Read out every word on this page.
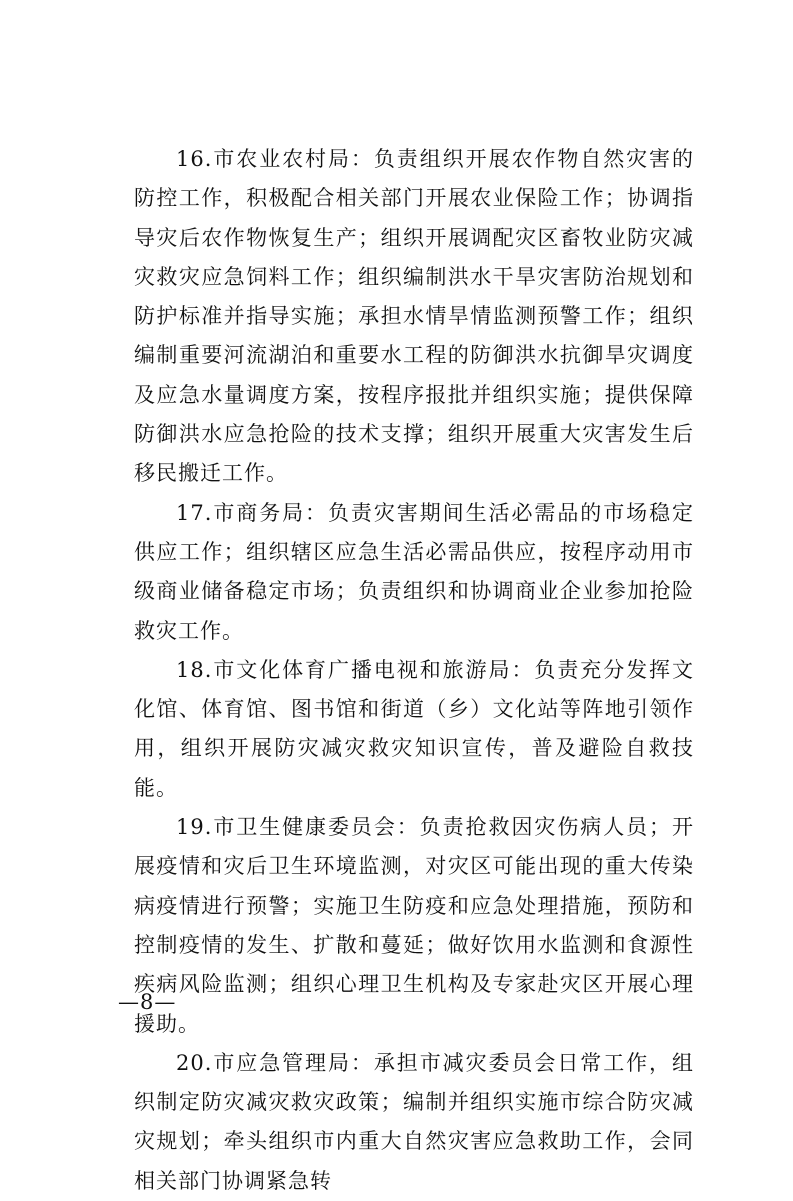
16.市农业农村局：负责组织开展农作物自然灾害的防控工作，积极配合相关部门开展农业保险工作；协调指导灾后农作物恢复生产；组织开展调配灾区畜牧业防灾减灾救灾应急饲料工作；组织编制洪水干旱灾害防治规划和防护标准并指导实施；承担水情旱情监测预警工作；组织编制重要河流湖泊和重要水工程的防御洪水抗御旱灾调度及应急水量调度方案，按程序报批并组织实施；提供保障防御洪水应急抢险的技术支撑；组织开展重大灾害发生后移民搬迁工作。

17.市商务局：负责灾害期间生活必需品的市场稳定供应工作；组织辖区应急生活必需品供应，按程序动用市级商业储备稳定市场；负责组织和协调商业企业参加抢险救灾工作。

18.市文化体育广播电视和旅游局：负责充分发挥文化馆、体育馆、图书馆和街道（乡）文化站等阵地引领作用，组织开展防灾减灾救灾知识宣传，普及避险自救技能。

19.市卫生健康委员会：负责抢救因灾伤病人员；开展疫情和灾后卫生环境监测，对灾区可能出现的重大传染病疫情进行预警；实施卫生防疫和应急处理措施，预防和控制疫情的发生、扩散和蔓延；做好饮用水监测和食源性疾病风险监测；组织心理卫生机构及专家赴灾区开展心理援助。

20.市应急管理局：承担市减灾委员会日常工作，组织制定防灾减灾救灾政策；编制并组织实施市综合防灾减灾规划；牵头组织市内重大自然灾害应急救助工作，会同相关部门协调紧急转

—8—
